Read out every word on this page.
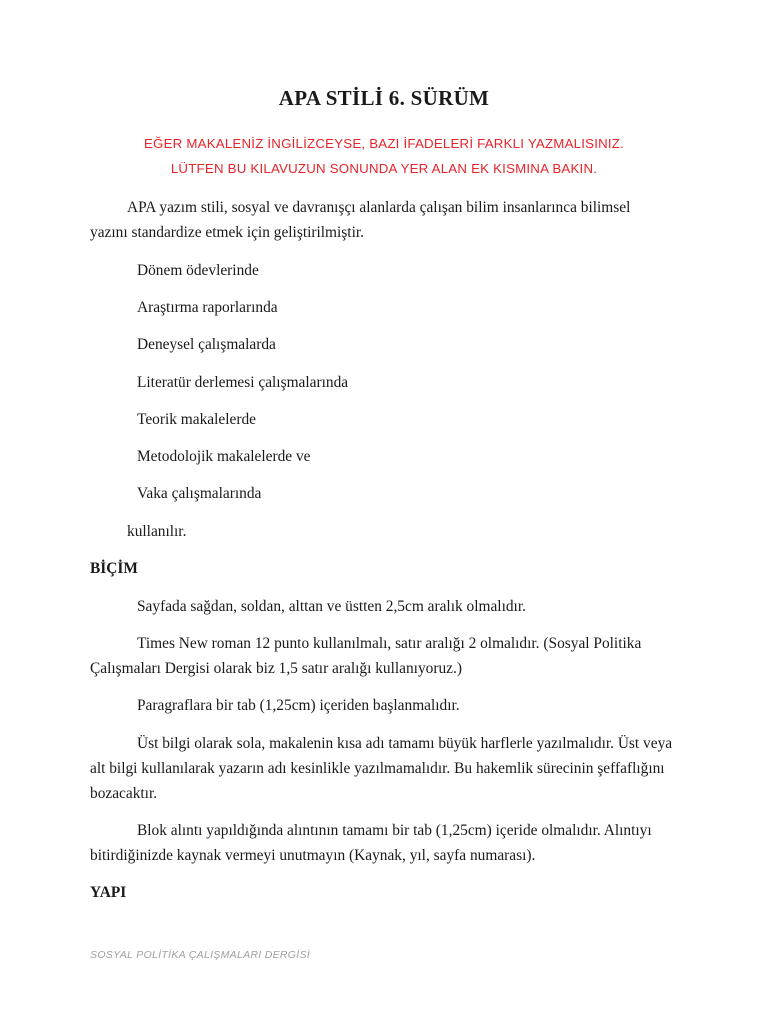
APA STİLİ 6. SÜRÜM

EĞER MAKALENİZ İNGİLİZCEYSE, BAZI İFADELERİ FARKLI YAZMALISINIZ.

LÜTFEN BU KILAVUZUN SONUNDA YER ALAN EK KISMINA BAKIN.

APA yazım stili, sosyal ve davranışçı alanlarda çalışan bilim insanlarınca bilimsel

yazını standardize etmek için geliştirilmiştir.

Dönem ödevlerinde

Araştırma raporlarında

Deneysel çalışmalarda

Literatür derlemesi çalışmalarında

Teorik makalelerde

Metodolojik makalelerde ve

Vaka çalışmalarında

kullanılır.

BİÇİM

Sayfada sağdan, soldan, alttan ve üstten 2,5cm aralık olmalıdır.

Times New roman 12 punto kullanılmalı, satır aralığı 2 olmalıdır. (Sosyal Politika

Çalışmaları Dergisi olarak biz 1,5 satır aralığı kullanıyoruz.)

Paragraflara bir tab (1,25cm) içeriden başlanmalıdır.

Üst bilgi olarak sola, makalenin kısa adı tamamı büyük harflerle yazılmalıdır. Üst veya

alt bilgi kullanılarak yazarın adı kesinlikle yazılmamalıdır. Bu hakemlik sürecinin şeffaflığını

bozacaktır.

Blok alıntı yapıldığında alıntının tamamı bir tab (1,25cm) içeride olmalıdır. Alıntıyı

bitirdiğinizde kaynak vermeyi unutmayın (Kaynak, yıl, sayfa numarası).

YAPI

SOSYAL POLİTİKA ÇALIŞMALARI DERGİSİ
